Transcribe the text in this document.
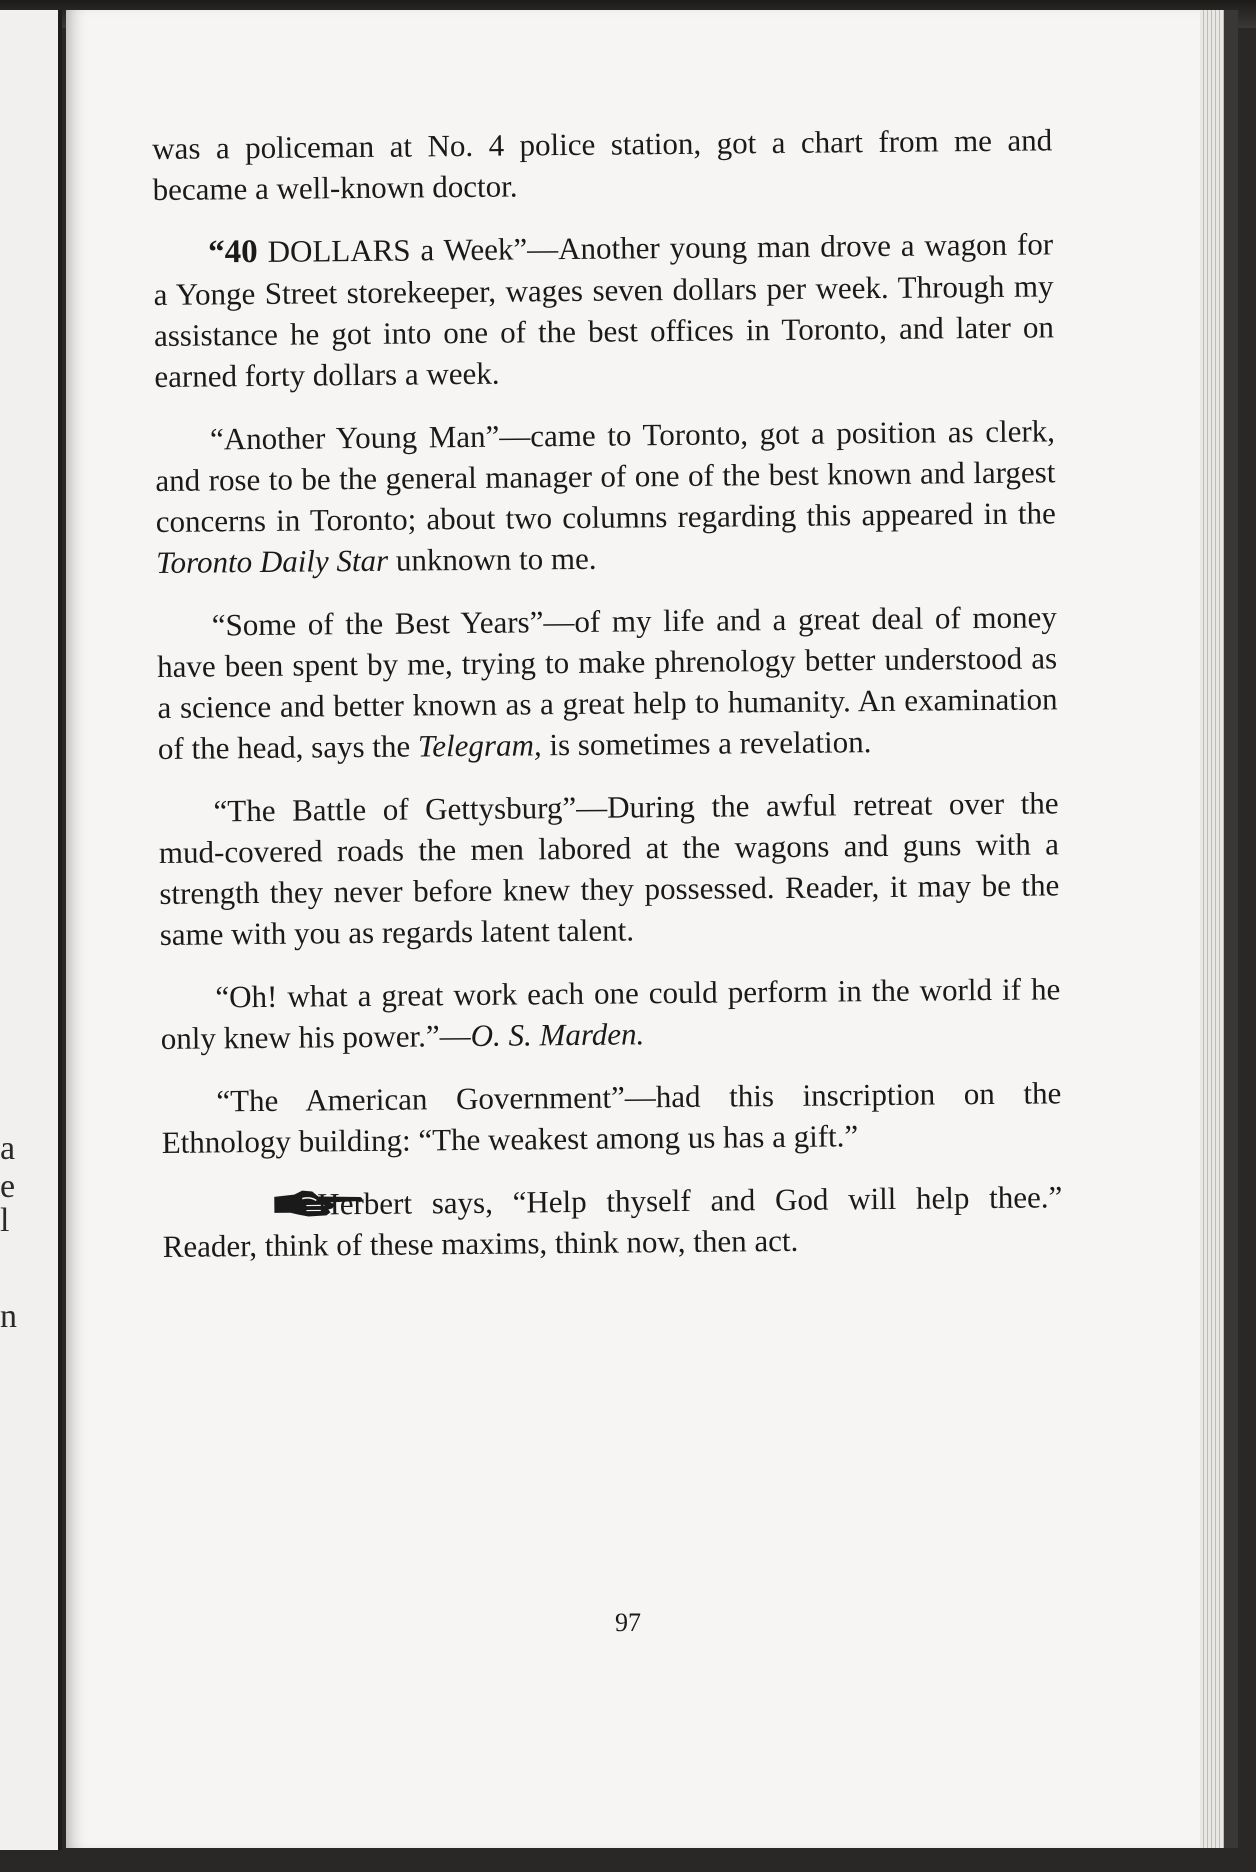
a
e
l
n

was a policeman at No. 4 police station, got a chart from me and became a well-known doctor.

“40 DOLLARS a Week”—Another young man drove a wagon for a Yonge Street storekeeper, wages seven dollars per week. Through my assistance he got into one of the best offices in Toronto, and later on earned forty dollars a week.

“Another Young Man”—came to Toronto, got a position as clerk, and rose to be the general manager of one of the best known and largest concerns in Toronto; about two columns regarding this appeared in the Toronto Daily Star unknown to me.

“Some of the Best Years”—of my life and a great deal of money have been spent by me, trying to make phrenology better understood as a science and better known as a great help to humanity. An examination of the head, says the Telegram, is sometimes a revelation.

“The Battle of Gettysburg”—During the awful retreat over the mud-covered roads the men labored at the wagons and guns with a strength they never before knew they possessed. Reader, it may be the same with you as regards latent talent.

“Oh! what a great work each one could perform in the world if he only knew his power.”—O. S. Marden.

“The American Government”—had this inscription on the Ethnology building: “The weakest among us has a gift.”

Herbert says, “Help thyself and God will help thee.” Reader, think of these maxims, think now, then act.

97
